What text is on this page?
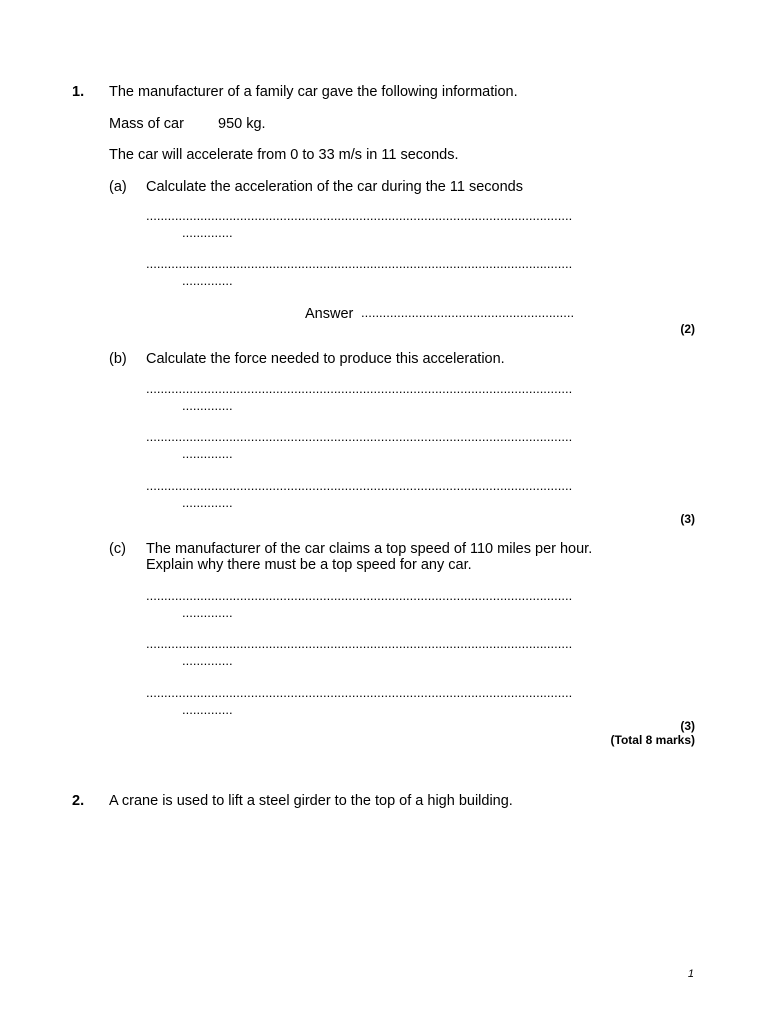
1. The manufacturer of a family car gave the following information.
Mass of car 950 kg.
The car will accelerate from 0 to 33 m/s in 11 seconds.
(a) Calculate the acceleration of the car during the 11 seconds
......................................................................................................................
..............
......................................................................................................................
..............
Answer ...........................................................
(2)
(b) Calculate the force needed to produce this acceleration.
......................................................................................................................
..............
......................................................................................................................
..............
......................................................................................................................
..............
(3)
(c) The manufacturer of the car claims a top speed of 110 miles per hour.
Explain why there must be a top speed for any car.
......................................................................................................................
..............
......................................................................................................................
..............
......................................................................................................................
..............
(3)
(Total 8 marks)
2. A crane is used to lift a steel girder to the top of a high building.
1
